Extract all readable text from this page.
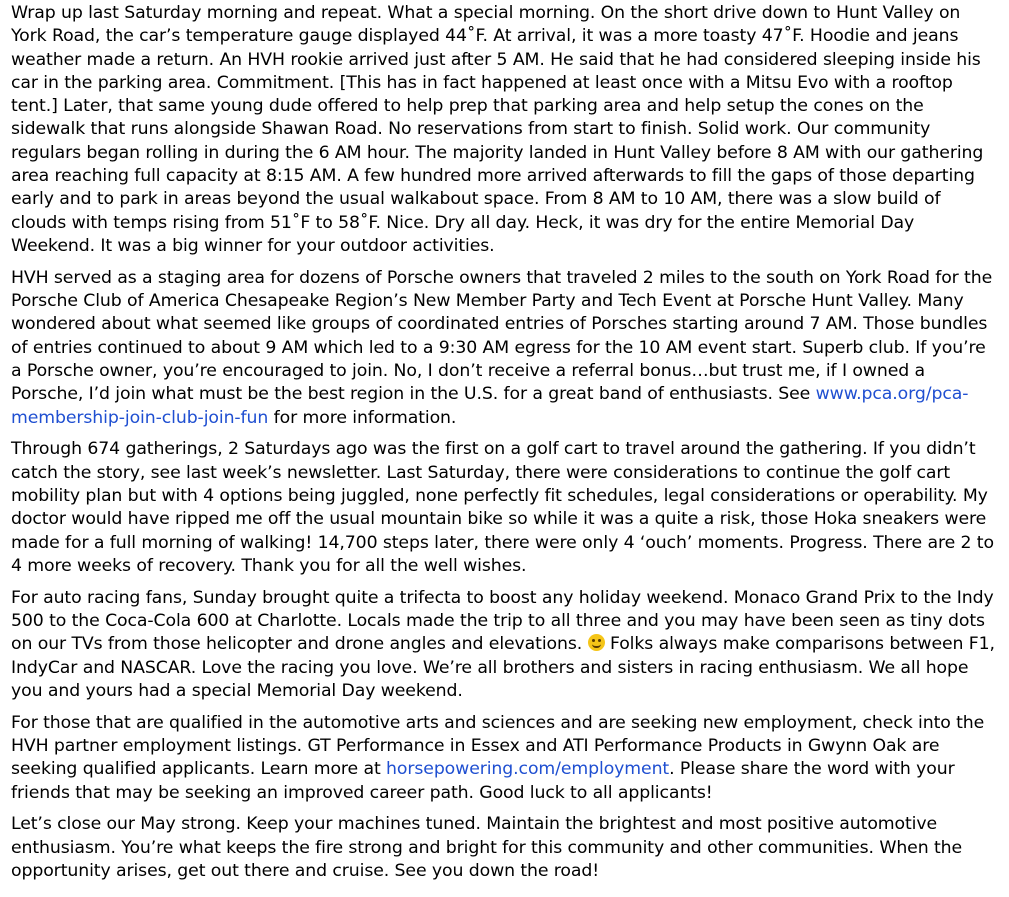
Wrap up last Saturday morning and repeat. What a special morning. On the short drive down to Hunt Valley on York Road, the car’s temperature gauge displayed 44˚F. At arrival, it was a more toasty 47˚F. Hoodie and jeans weather made a return. An HVH rookie arrived just after 5 AM. He said that he had considered sleeping inside his car in the parking area. Commitment. [This has in fact happened at least once with a Mitsu Evo with a rooftop tent.] Later, that same young dude offered to help prep that parking area and help setup the cones on the sidewalk that runs alongside Shawan Road. No reservations from start to finish. Solid work. Our community regulars began rolling in during the 6 AM hour. The majority landed in Hunt Valley before 8 AM with our gathering area reaching full capacity at 8:15 AM. A few hundred more arrived afterwards to fill the gaps of those departing early and to park in areas beyond the usual walkabout space. From 8 AM to 10 AM, there was a slow build of clouds with temps rising from 51˚F to 58˚F. Nice. Dry all day. Heck, it was dry for the entire Memorial Day Weekend. It was a big winner for your outdoor activities.

HVH served as a staging area for dozens of Porsche owners that traveled 2 miles to the south on York Road for the Porsche Club of America Chesapeake Region’s New Member Party and Tech Event at Porsche Hunt Valley. Many wondered about what seemed like groups of coordinated entries of Porsches starting around 7 AM. Those bundles of entries continued to about 9 AM which led to a 9:30 AM egress for the 10 AM event start. Superb club. If you’re a Porsche owner, you’re encouraged to join. No, I don’t receive a referral bonus…but trust me, if I owned a Porsche, I’d join what must be the best region in the U.S. for a great band of enthusiasts. See www.pca.org/pca-membership-join-club-join-fun for more information.

Through 674 gatherings, 2 Saturdays ago was the first on a golf cart to travel around the gathering. If you didn’t catch the story, see last week’s newsletter. Last Saturday, there were considerations to continue the golf cart mobility plan but with 4 options being juggled, none perfectly fit schedules, legal considerations or operability. My doctor would have ripped me off the usual mountain bike so while it was a quite a risk, those Hoka sneakers were made for a full morning of walking! 14,700 steps later, there were only 4 ‘ouch’ moments. Progress. There are 2 to 4 more weeks of recovery. Thank you for all the well wishes.

For auto racing fans, Sunday brought quite a trifecta to boost any holiday weekend. Monaco Grand Prix to the Indy 500 to the Coca-Cola 600 at Charlotte. Locals made the trip to all three and you may have been seen as tiny dots on our TVs from those helicopter and drone angles and elevations.
Folks always make comparisons between F1, IndyCar and NASCAR. Love the racing you love. We’re all brothers and sisters in racing enthusiasm. We all hope you and yours had a special Memorial Day weekend.

For those that are qualified in the automotive arts and sciences and are seeking new employment, check into the HVH partner employment listings. GT Performance in Essex and ATI Performance Products in Gwynn Oak are seeking qualified applicants. Learn more at horsepowering.com/employment. Please share the word with your friends that may be seeking an improved career path. Good luck to all applicants!

Let’s close our May strong. Keep your machines tuned. Maintain the brightest and most positive automotive enthusiasm. You’re what keeps the fire strong and bright for this community and other communities. When the opportunity arises, get out there and cruise. See you down the road!
